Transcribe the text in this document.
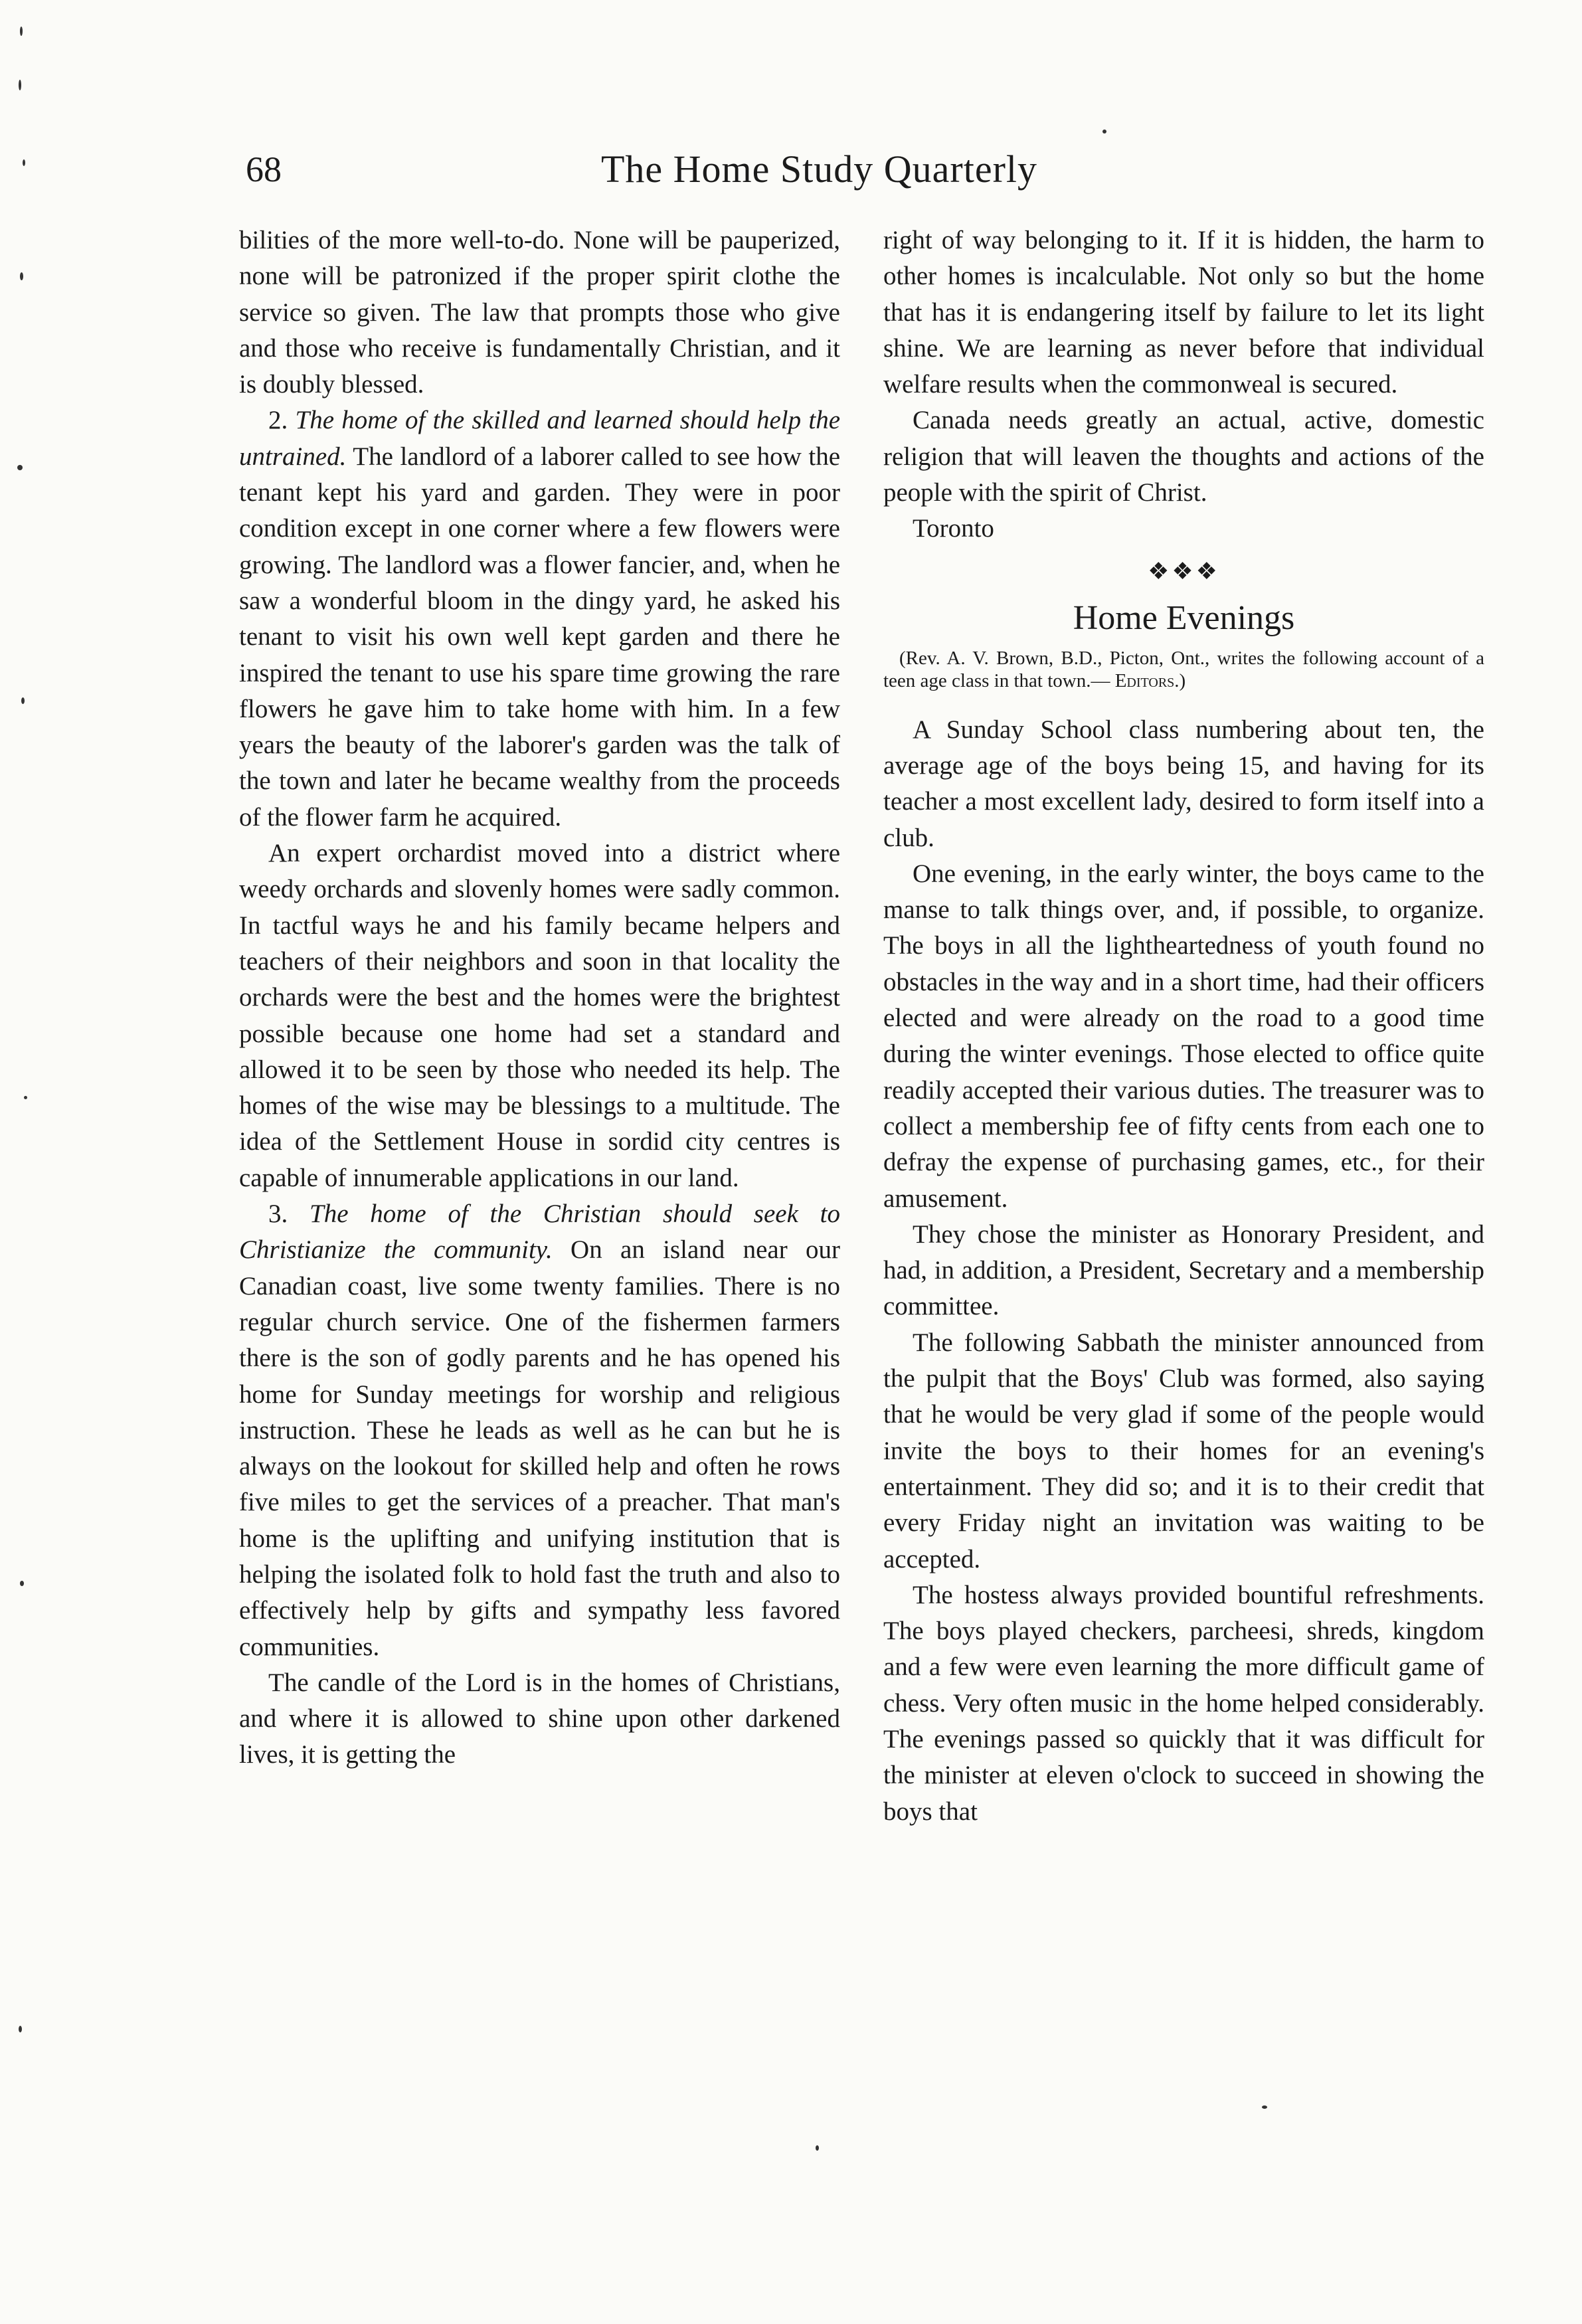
68	The Home Study Quarterly

bilities of the more well-to-do. None will be pauperized, none will be patronized if the proper spirit clothe the service so given. The law that prompts those who give and those who receive is fundamentally Christian, and it is doubly blessed.

2. The home of the skilled and learned should help the untrained. The landlord of a laborer called to see how the tenant kept his yard and garden. They were in poor condition except in one corner where a few flowers were growing. The landlord was a flower fancier, and, when he saw a wonderful bloom in the dingy yard, he asked his tenant to visit his own well kept garden and there he inspired the tenant to use his spare time growing the rare flowers he gave him to take home with him. In a few years the beauty of the laborer's garden was the talk of the town and later he became wealthy from the proceeds of the flower farm he acquired.

An expert orchardist moved into a district where weedy orchards and slovenly homes were sadly common. In tactful ways he and his family became helpers and teachers of their neighbors and soon in that locality the orchards were the best and the homes were the brightest possible because one home had set a standard and allowed it to be seen by those who needed its help. The homes of the wise may be blessings to a multitude. The idea of the Settlement House in sordid city centres is capable of innumerable applications in our land.

3. The home of the Christian should seek to Christianize the community. On an island near our Canadian coast, live some twenty families. There is no regular church service. One of the fishermen farmers there is the son of godly parents and he has opened his home for Sunday meetings for worship and religious instruction. These he leads as well as he can but he is always on the lookout for skilled help and often he rows five miles to get the services of a preacher. That man's home is the uplifting and unifying institution that is helping the isolated folk to hold fast the truth and also to effectively help by gifts and sympathy less favored communities.

The candle of the Lord is in the homes of Christians, and where it is allowed to shine upon other darkened lives, it is getting the

right of way belonging to it. If it is hidden, the harm to other homes is incalculable. Not only so but the home that has it is endangering itself by failure to let its light shine. We are learning as never before that individual welfare results when the commonweal is secured.

Canada needs greatly an actual, active, domestic religion that will leaven the thoughts and actions of the people with the spirit of Christ.

Toronto

❖❖❖
Home Evenings
(Rev. A. V. Brown, B.D., Picton, Ont., writes the following account of a teen age class in that town.— Editors.)

A Sunday School class numbering about ten, the average age of the boys being 15, and having for its teacher a most excellent lady, desired to form itself into a club.

One evening, in the early winter, the boys came to the manse to talk things over, and, if possible, to organize. The boys in all the lightheartedness of youth found no obstacles in the way and in a short time, had their officers elected and were already on the road to a good time during the winter evenings. Those elected to office quite readily accepted their various duties. The treasurer was to collect a membership fee of fifty cents from each one to defray the expense of purchasing games, etc., for their amusement.

They chose the minister as Honorary President, and had, in addition, a President, Secretary and a membership committee.

The following Sabbath the minister announced from the pulpit that the Boys' Club was formed, also saying that he would be very glad if some of the people would invite the boys to their homes for an evening's entertainment. They did so; and it is to their credit that every Friday night an invitation was waiting to be accepted.

The hostess always provided bountiful refreshments. The boys played checkers, parcheesi, shreds, kingdom and a few were even learning the more difficult game of chess. Very often music in the home helped considerably. The evenings passed so quickly that it was difficult for the minister at eleven o'clock to succeed in showing the boys that
